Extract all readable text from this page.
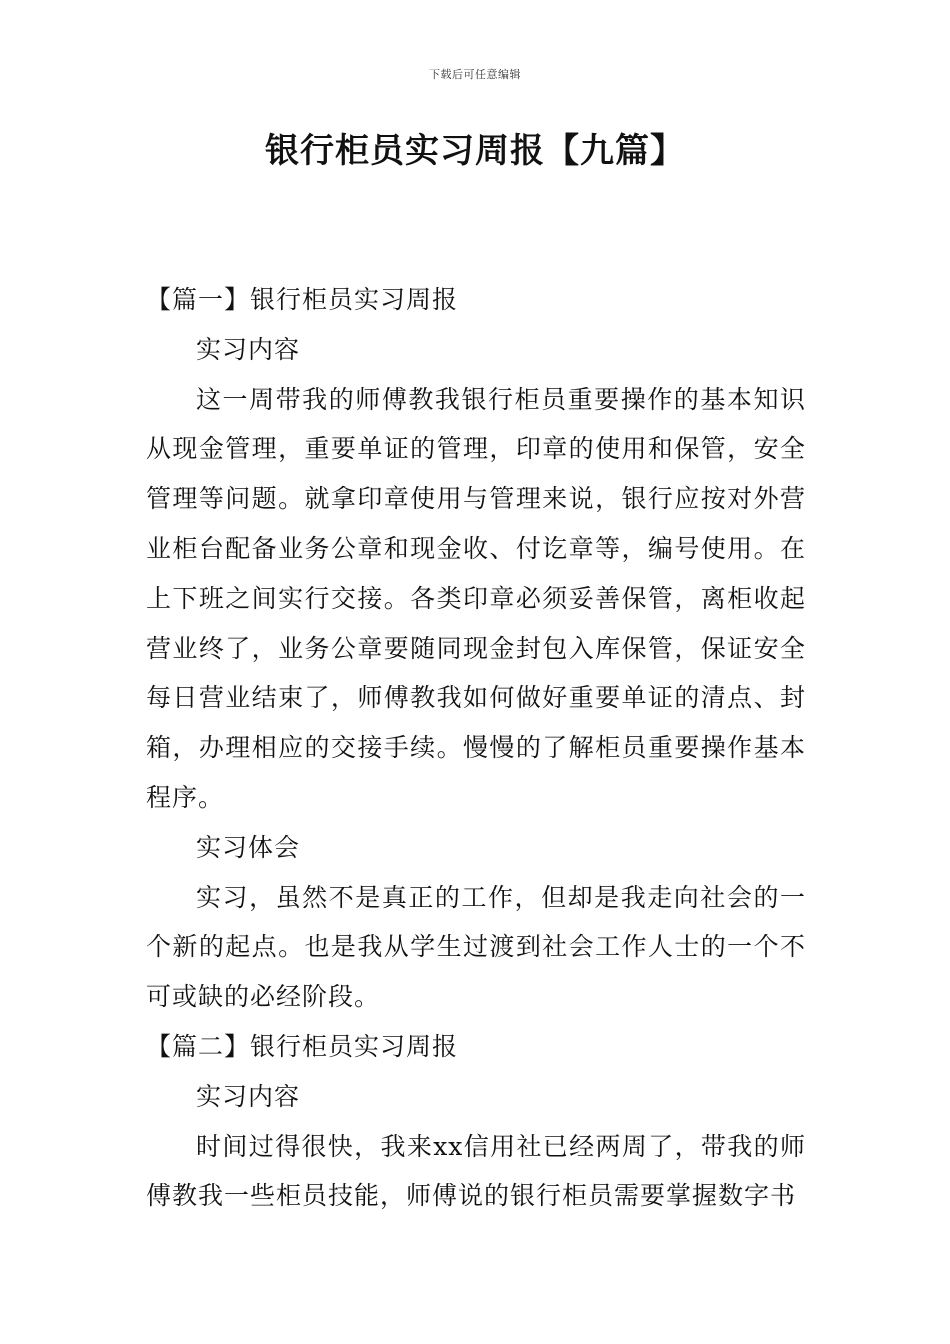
下载后可任意编辑
银行柜员实习周报【九篇】

【篇一】银行柜员实习周报

实习内容

这一周带我的师傅教我银行柜员重要操作的基本知识从现金管理，重要单证的管理，印章的使用和保管，安全管理等问题。就拿印章使用与管理来说，银行应按对外营业柜台配备业务公章和现金收、付讫章等，编号使用。在上下班之间实行交接。各类印章必须妥善保管，离柜收起营业终了，业务公章要随同现金封包入库保管，保证安全每日营业结束了，师傅教我如何做好重要单证的清点、封箱，办理相应的交接手续。慢慢的了解柜员重要操作基本程序。

实习体会

实习，虽然不是真正的工作，但却是我走向社会的一个新的起点。也是我从学生过渡到社会工作人士的一个不可或缺的必经阶段。

【篇二】银行柜员实习周报

实习内容

时间过得很快，我来xx信用社已经两周了，带我的师傅教我一些柜员技能，师傅说的银行柜员需要掌握数字书
